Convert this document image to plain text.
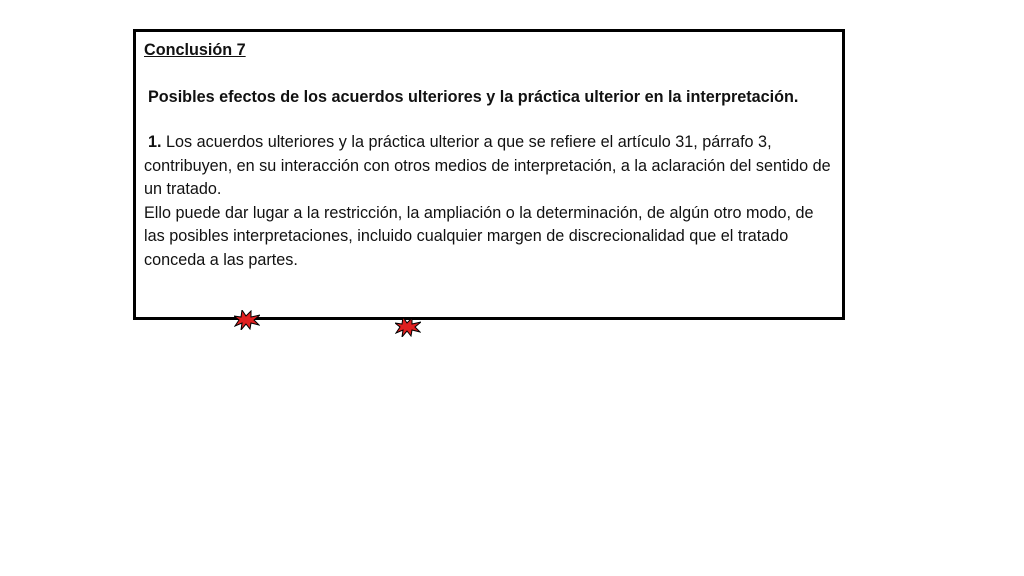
Conclusión 7

Posibles efectos de los acuerdos ulteriores y la práctica ulterior en la interpretación.

1. Los acuerdos ulteriores y la práctica ulterior a que se refiere el artículo 31, párrafo 3, contribuyen, en su interacción con otros medios de interpretación, a la aclaración del sentido de un tratado.

Ello puede dar lugar a la restricción, la ampliación o la determinación, de algún otro modo, de las posibles interpretaciones, incluido cualquier margen de discrecionalidad que el tratado conceda a las partes.
